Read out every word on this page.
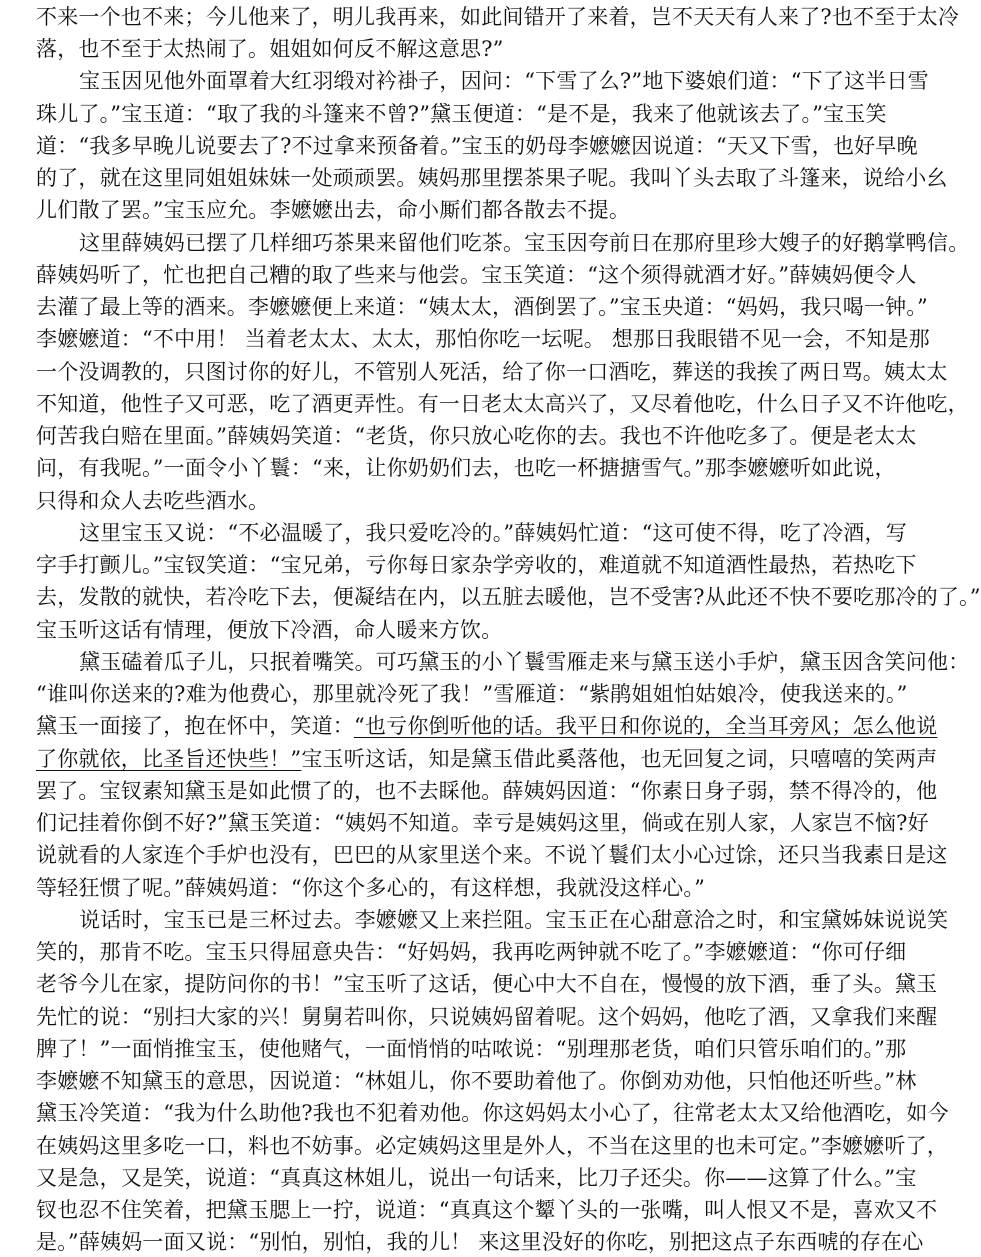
不来一个也不来；今儿他来了，明儿我再来，如此间错开了来着，岂不天天有人来了?也不至于太冷
落，也不至于太热闹了。姐姐如何反不解这意思?”
宝玉因见他外面罩着大红羽缎对衿褂子，因问：“下雪了么?”地下婆娘们道：“下了这半日雪
珠儿了。”宝玉道：“取了我的斗篷来不曾?”黛玉便道：“是不是，我来了他就该去了。”宝玉笑
道：“我多早晚儿说要去了?不过拿来预备着。”宝玉的奶母李嬷嬷因说道：“天又下雪，也好早晚
的了，就在这里同姐姐妹妹一处顽顽罢。姨妈那里摆茶果子呢。我叫丫头去取了斗篷来，说给小幺
儿们散了罢。”宝玉应允。李嬷嬷出去，命小厮们都各散去不提。
这里薛姨妈已摆了几样细巧茶果来留他们吃茶。宝玉因夸前日在那府里珍大嫂子的好鹅掌鸭信。
薛姨妈听了，忙也把自己糟的取了些来与他尝。宝玉笑道：“这个须得就酒才好。”薛姨妈便令人
去灌了最上等的酒来。李嬷嬷便上来道：“姨太太，酒倒罢了。”宝玉央道：“妈妈，我只喝一钟。”
李嬷嬷道：“不中用！ 当着老太太、太太，那怕你吃一坛呢。 想那日我眼错不见一会，不知是那
一个没调教的，只图讨你的好儿，不管别人死活，给了你一口酒吃，葬送的我挨了两日骂。姨太太
不知道，他性子又可恶，吃了酒更弄性。有一日老太太高兴了，又尽着他吃，什么日子又不许他吃，
何苦我白赔在里面。”薛姨妈笑道：“老货，你只放心吃你的去。我也不许他吃多了。便是老太太
问，有我呢。”一面令小丫鬟：“来，让你奶奶们去，也吃一杯搪搪雪气。”那李嬷嬷听如此说，
只得和众人去吃些酒水。
这里宝玉又说：“不必温暖了，我只爱吃冷的。”薛姨妈忙道：“这可使不得，吃了冷酒，写
字手打颤儿。”宝钗笑道：“宝兄弟，亏你每日家杂学旁收的，难道就不知道酒性最热，若热吃下
去，发散的就快，若冷吃下去，便凝结在内，以五脏去暖他，岂不受害?从此还不快不要吃那冷的了。”
宝玉听这话有情理，便放下冷酒，命人暖来方饮。
黛玉磕着瓜子儿，只抿着嘴笑。可巧黛玉的小丫鬟雪雁走来与黛玉送小手炉，黛玉因含笑问他：
“谁叫你送来的?难为他费心，那里就冷死了我！”雪雁道：“紫鹃姐姐怕姑娘冷，使我送来的。”
黛玉一面接了，抱在怀中，笑道：“也亏你倒听他的话。我平日和你说的，全当耳旁风；怎么他说
了你就依，比圣旨还快些！”宝玉听这话，知是黛玉借此奚落他，也无回复之词，只嘻嘻的笑两声
罢了。宝钗素知黛玉是如此惯了的，也不去睬他。薛姨妈因道：“你素日身子弱，禁不得冷的，他
们记挂着你倒不好?”黛玉笑道：“姨妈不知道。幸亏是姨妈这里，倘或在别人家，人家岂不恼?好
说就看的人家连个手炉也没有，巴巴的从家里送个来。不说丫鬟们太小心过馀，还只当我素日是这
等轻狂惯了呢。”薛姨妈道：“你这个多心的，有这样想，我就没这样心。”
说话时，宝玉已是三杯过去。李嬷嬷又上来拦阻。宝玉正在心甜意洽之时，和宝黛姊妹说说笑
笑的，那肯不吃。宝玉只得屈意央告：“好妈妈，我再吃两钟就不吃了。”李嬷嬷道：“你可仔细
老爷今儿在家，提防问你的书！”宝玉听了这话，便心中大不自在，慢慢的放下酒，垂了头。黛玉
先忙的说：“别扫大家的兴！舅舅若叫你，只说姨妈留着呢。这个妈妈，他吃了酒，又拿我们来醒
脾了！”一面悄推宝玉，使他赌气，一面悄悄的咕哝说：“别理那老货，咱们只管乐咱们的。”那
李嬷嬷不知黛玉的意思，因说道：“林姐儿，你不要助着他了。你倒劝劝他，只怕他还听些。”林
黛玉冷笑道：“我为什么助他?我也不犯着劝他。你这妈妈太小心了，往常老太太又给他酒吃，如今
在姨妈这里多吃一口，料也不妨事。必定姨妈这里是外人，不当在这里的也未可定。”李嬷嬷听了，
又是急，又是笑，说道：“真真这林姐儿，说出一句话来，比刀子还尖。你——这算了什么。”宝
钗也忍不住笑着，把黛玉腮上一拧，说道：“真真这个颦丫头的一张嘴，叫人恨又不是，喜欢又不
是。”薛姨妈一面又说：“别怕，别怕，我的儿！ 来这里没好的你吃，别把这点子东西唬的存在心
